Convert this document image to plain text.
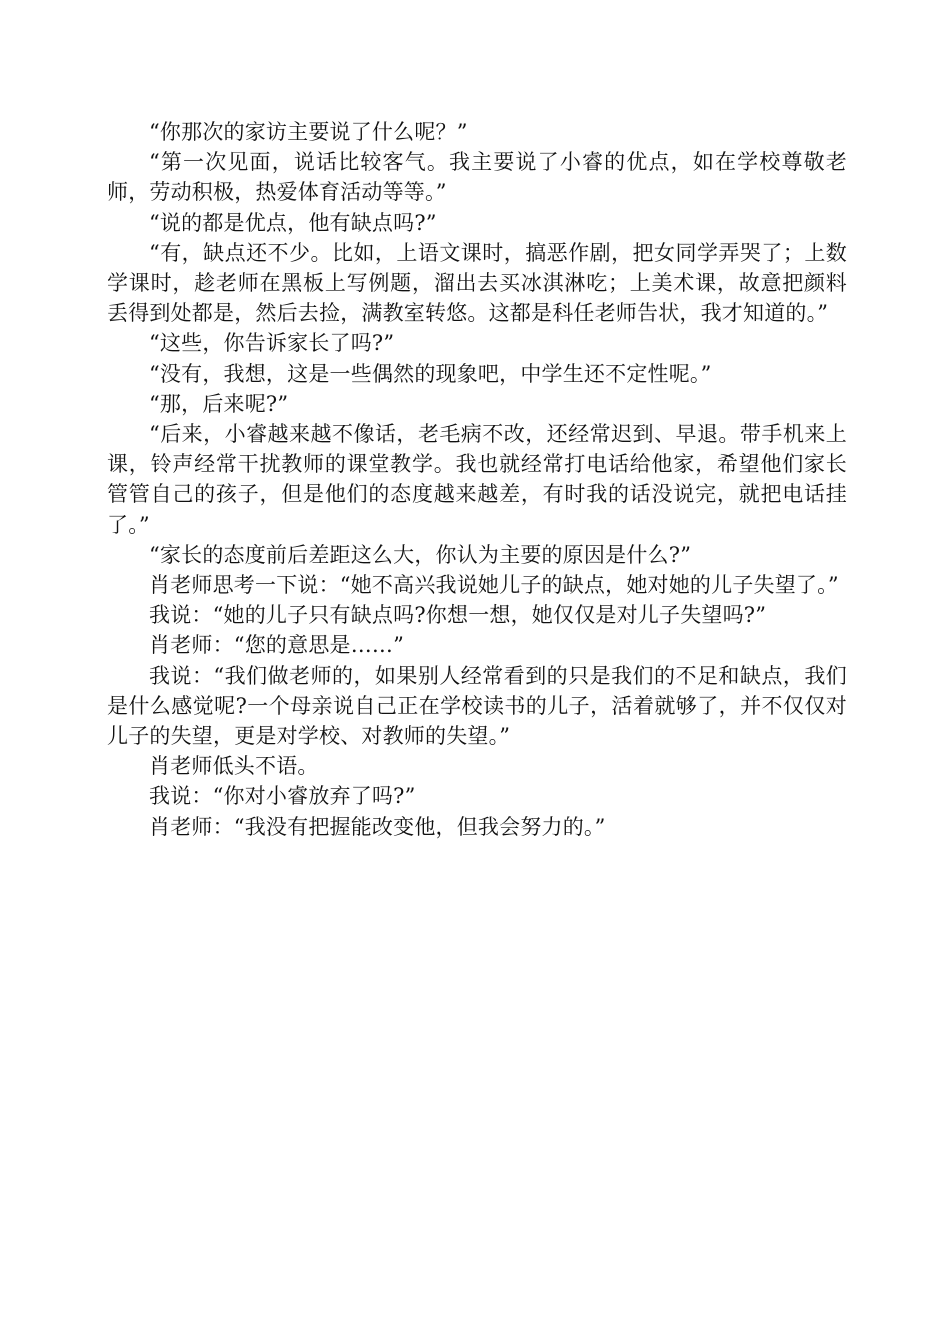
“你那次的家访主要说了什么呢？”

“第一次见面，说话比较客气。我主要说了小睿的优点，如在学校尊敬老师，劳动积极，热爱体育活动等等。”

“说的都是优点，他有缺点吗?”

“有，缺点还不少。比如，上语文课时，搞恶作剧，把女同学弄哭了；上数学课时，趁老师在黑板上写例题，溜出去买冰淇淋吃；上美术课，故意把颜料丢得到处都是，然后去捡，满教室转悠。这都是科任老师告状，我才知道的。”

“这些，你告诉家长了吗?”

“没有，我想，这是一些偶然的现象吧，中学生还不定性呢。”

“那，后来呢?”

“后来，小睿越来越不像话，老毛病不改，还经常迟到、早退。带手机来上课，铃声经常干扰教师的课堂教学。我也就经常打电话给他家，希望他们家长管管自己的孩子，但是他们的态度越来越差，有时我的话没说完，就把电话挂了。”

“家长的态度前后差距这么大，你认为主要的原因是什么?”

肖老师思考一下说：“她不高兴我说她儿子的缺点，她对她的儿子失望了。”

我说：“她的儿子只有缺点吗?你想一想，她仅仅是对儿子失望吗?”

肖老师：“您的意思是……”

我说：“我们做老师的，如果别人经常看到的只是我们的不足和缺点，我们是什么感觉呢?一个母亲说自己正在学校读书的儿子，活着就够了，并不仅仅对儿子的失望，更是对学校、对教师的失望。”

肖老师低头不语。

我说：“你对小睿放弃了吗?”

肖老师：“我没有把握能改变他，但我会努力的。”
